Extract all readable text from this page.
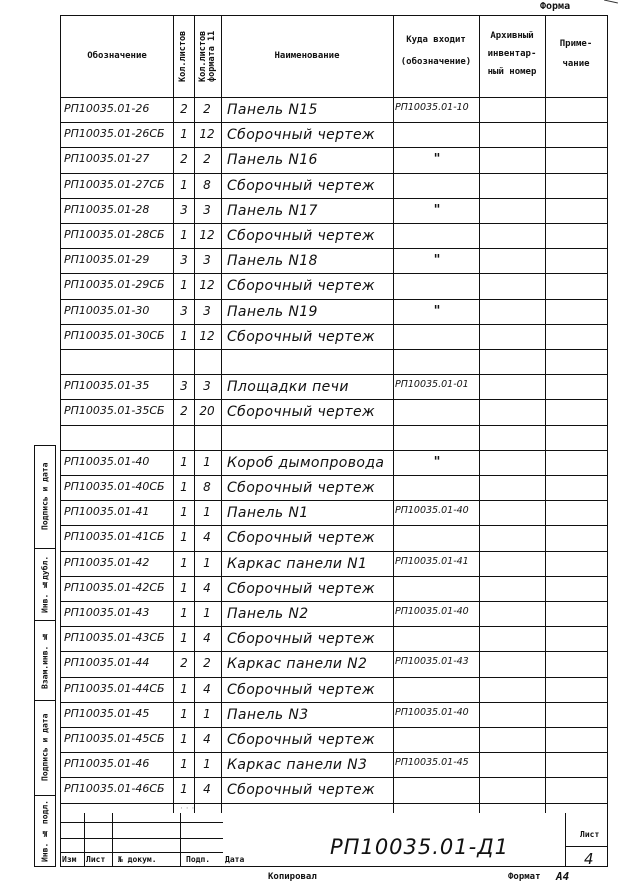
Форма
Обозначение	Кол.листов	Кол.листов формата 11	Наименование
Куда входит
(обозначение)
Архивный
инвентар-
ный номер
Приме-
чание
РП10035.01-26	2	2	Панель N15	РП10035.01-10
РП10035.01-26СБ	1 12 Сборочный чертеж
РП10035.01-27	2	2	Панель N16	"
РП10035.01-27СБ	1	8	Сборочный чертеж
РП10035.01-28	3	3	Панель N17	"
РП10035.01-28СБ	1 12 Сборочный чертеж
РП10035.01-29	3	3	Панель N18	"
РП10035.01-29СБ	1 12 Сборочный чертеж
РП10035.01-30	3	3	Панель N19	"
РП10035.01-30СБ	1 12 Сборочный чертеж
РП10035.01-35	3	3	Площадки печи	РП10035.01-01
РП10035.01-35СБ	2 20 Сборочный чертеж
РП10035.01-40	1	1	Короб дымопровода	"
РП10035.01-40СБ	1	8	Сборочный чертеж
РП10035.01-41	1	1	Панель N1	РП10035.01-40
РП10035.01-41СБ	1	4	Сборочный чертеж
РП10035.01-42	1	1	Каркас панели N1	РП10035.01-41
РП10035.01-42СБ	1	4	Сборочный чертеж
РП10035.01-43	1	1	Панель N2	РП10035.01-40
РП10035.01-43СБ	1	4	Сборочный чертеж
РП10035.01-44	2	2	Каркас панели N2	РП10035.01-43
РП10035.01-44СБ	1	4	Сборочный чертеж
РП10035.01-45	1	1	Панель N3	РП10035.01-40
РП10035.01-45СБ	1	4	Сборочный чертеж
РП10035.01-46	1	1	Каркас панели N3	РП10035.01-45
РП10035.01-46СБ	1	4	Сборочный чертеж
Подпись и дата
Инв. №дубл.
Взам.инв. №
Подпись и дата
Инв. № подл.	Изм Лист № докум.	Подп. Дата
РП10035.01-Д1
Лист
4
· · ·
Копировал	Формат А4
